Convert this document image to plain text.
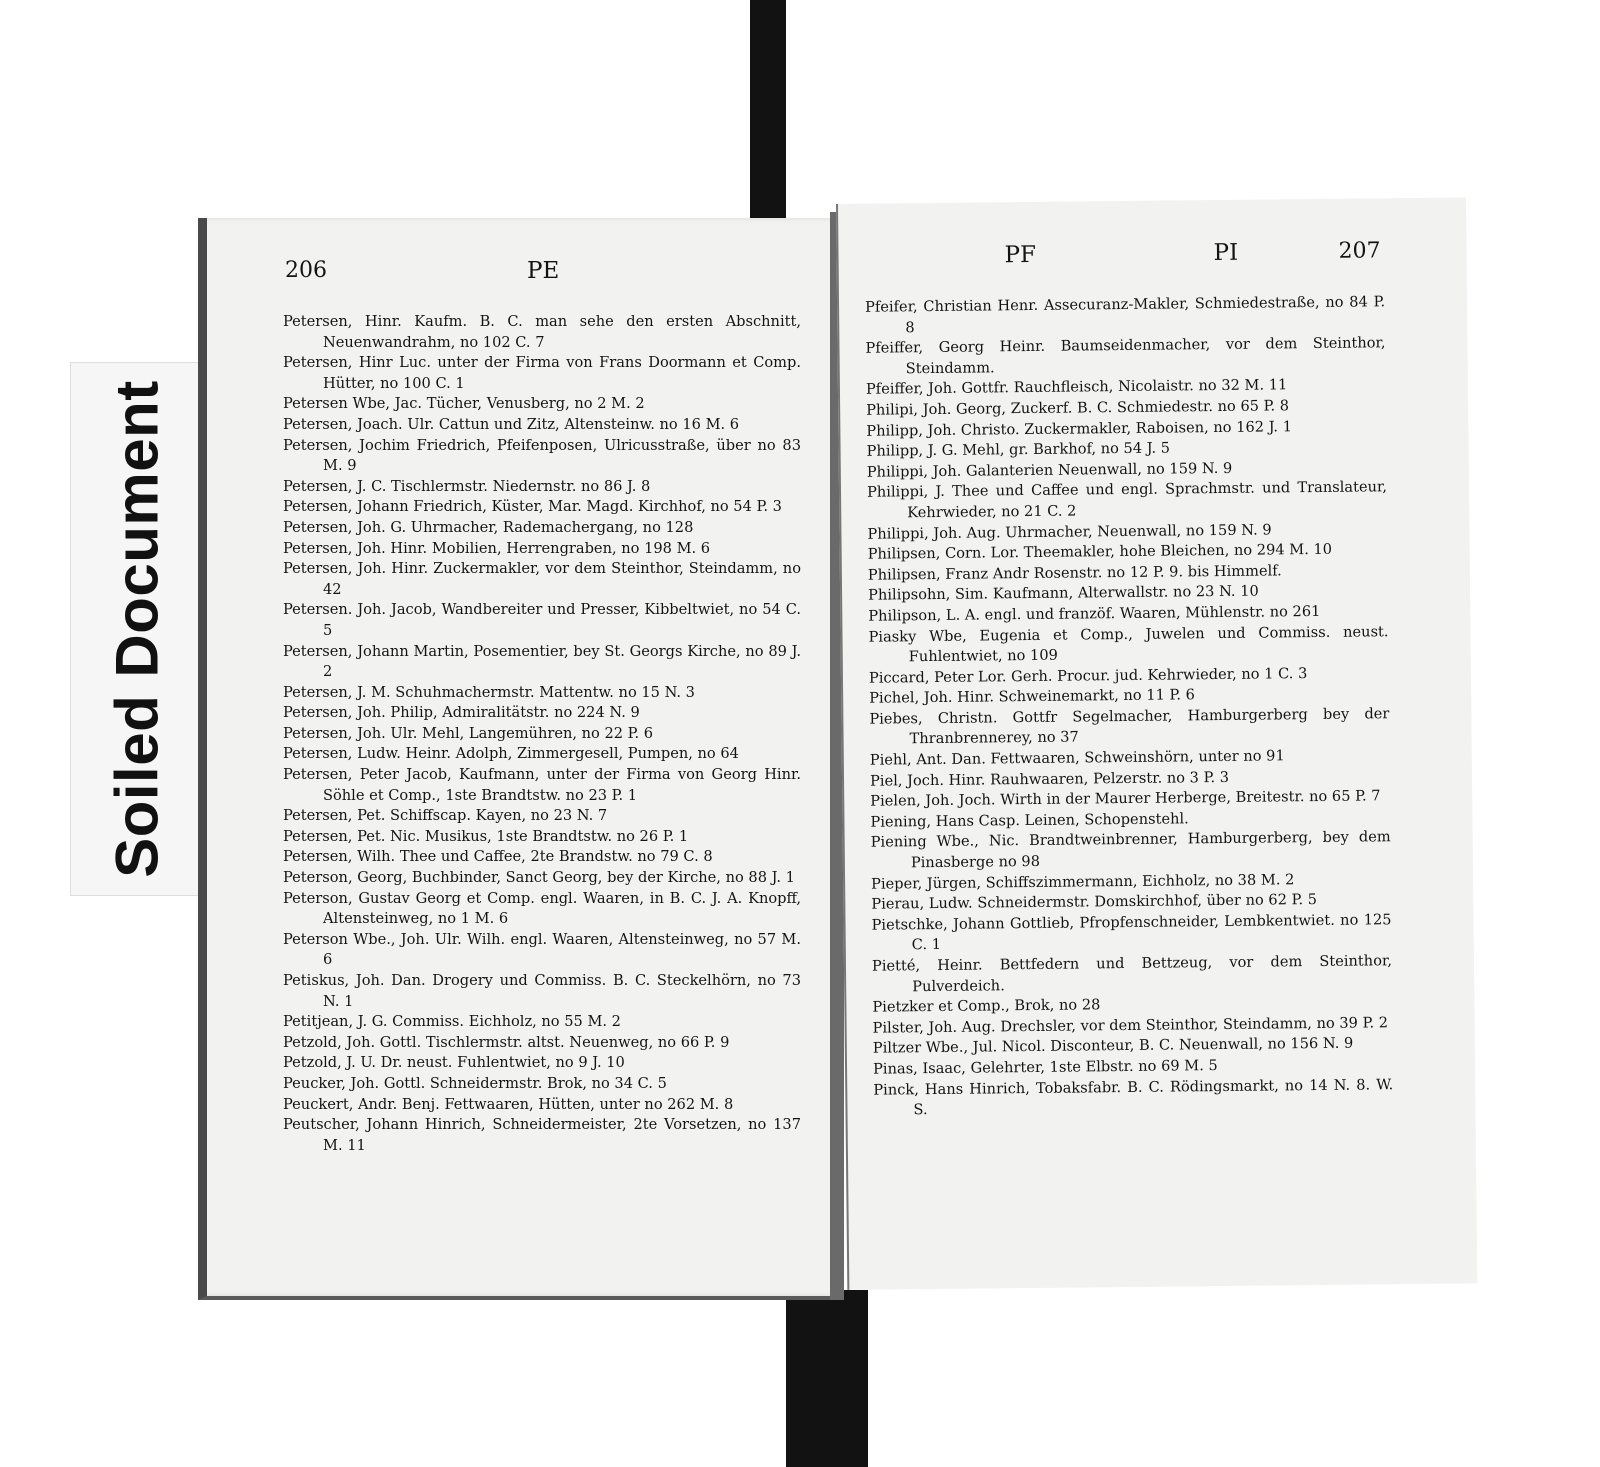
Soiled Document
206	PE
Petersen, Hinr. Kaufm. B. C. man sehe den ersten Abschnitt, Neuenwandrahm, no 102 C. 7
Petersen, Hinr Luc. unter der Firma von Frans Doormann et Comp. Hütter, no 100 C. 1
Petersen Wbe, Jac. Tücher, Venusberg, no 2 M. 2
Petersen, Joach. Ulr. Cattun und Zitz, Altensteinw. no 16 M. 6
Petersen, Jochim Friedrich, Pfeifenposen, Ulricusstraße, über no 83 M. 9
Petersen, J. C. Tischlermstr. Niedernstr. no 86 J. 8
Petersen, Johann Friedrich, Küster, Mar. Magd. Kirchhof, no 54 P. 3
Petersen, Joh. G. Uhrmacher, Rademachergang, no 128
Petersen, Joh. Hinr. Mobilien, Herrengraben, no 198 M. 6
Petersen, Joh. Hinr. Zuckermakler, vor dem Steinthor, Steindamm, no 42
Petersen. Joh. Jacob, Wandbereiter und Presser, Kibbeltwiet, no 54 C. 5
Petersen, Johann Martin, Posementier, bey St. Georgs Kirche, no 89 J. 2
Petersen, J. M. Schuhmachermstr. Mattentw. no 15 N. 3
Petersen, Joh. Philip, Admiralitätstr. no 224 N. 9
Petersen, Joh. Ulr. Mehl, Langemühren, no 22 P. 6
Petersen, Ludw. Heinr. Adolph, Zimmergesell, Pumpen, no 64
Petersen, Peter Jacob, Kaufmann, unter der Firma von Georg Hinr. Söhle et Comp., 1ste Brandtstw. no 23 P. 1
Petersen, Pet. Schiffscap. Kayen, no 23 N. 7
Petersen, Pet. Nic. Musikus, 1ste Brandtstw. no 26 P. 1
Petersen, Wilh. Thee und Caffee, 2te Brandstw. no 79 C. 8
Peterson, Georg, Buchbinder, Sanct Georg, bey der Kirche, no 88 J. 1
Peterson, Gustav Georg et Comp. engl. Waaren, in B. C. J. A. Knopff, Altensteinweg, no 1 M. 6
Peterson Wbe., Joh. Ulr. Wilh. engl. Waaren, Altensteinweg, no 57 M. 6
Petiskus, Joh. Dan. Drogery und Commiss. B. C. Steckelhörn, no 73 N. 1
Petitjean, J. G. Commiss. Eichholz, no 55 M. 2
Petzold, Joh. Gottl. Tischlermstr. altst. Neuenweg, no 66 P. 9
Petzold, J. U. Dr. neust. Fuhlentwiet, no 9 J. 10
Peucker, Joh. Gottl. Schneidermstr. Brok, no 34 C. 5
Peuckert, Andr. Benj. Fettwaaren, Hütten, unter no 262 M. 8
Peutscher, Johann Hinrich, Schneidermeister, 2te Vorsetzen, no 137 M. 11
PF	PI	207
Pfeifer, Christian Henr. Assecuranz-Makler, Schmiedestraße, no 84 P. 8
Pfeiffer, Georg Heinr. Baumseidenmacher, vor dem Steinthor, Steindamm.
Pfeiffer, Joh. Gottfr. Rauchfleisch, Nicolaistr. no 32 M. 11
Philipi, Joh. Georg, Zuckerf. B. C. Schmiedestr. no 65 P. 8
Philipp, Joh. Christo. Zuckermakler, Raboisen, no 162 J. 1
Philipp, J. G. Mehl, gr. Barkhof, no 54 J. 5
Philippi, Joh. Galanterien Neuenwall, no 159 N. 9
Philippi, J. Thee und Caffee und engl. Sprachmstr. und Translateur, Kehrwieder, no 21 C. 2
Philippi, Joh. Aug. Uhrmacher, Neuenwall, no 159 N. 9
Philipsen, Corn. Lor. Theemakler, hohe Bleichen, no 294 M. 10
Philipsen, Franz Andr Rosenstr. no 12 P. 9. bis Himmelf.
Philipsohn, Sim. Kaufmann, Alterwallstr. no 23 N. 10
Philipson, L. A. engl. und franzöf. Waaren, Mühlenstr. no 261
Piasky Wbe, Eugenia et Comp., Juwelen und Commiss. neust. Fuhlentwiet, no 109
Piccard, Peter Lor. Gerh. Procur. jud. Kehrwieder, no 1 C. 3
Pichel, Joh. Hinr. Schweinemarkt, no 11 P. 6
Piebes, Christn. Gottfr Segelmacher, Hamburgerberg bey der Thranbrennerey, no 37
Piehl, Ant. Dan. Fettwaaren, Schweinshörn, unter no 91
Piel, Joch. Hinr. Rauhwaaren, Pelzerstr. no 3 P. 3
Pielen, Joh. Joch. Wirth in der Maurer Herberge, Breitestr. no 65 P. 7
Piening, Hans Casp. Leinen, Schopenstehl.
Piening Wbe., Nic. Brandtweinbrenner, Hamburgerberg, bey dem Pinasberge no 98
Pieper, Jürgen, Schiffszimmermann, Eichholz, no 38 M. 2
Pierau, Ludw. Schneidermstr. Domskirchhof, über no 62 P. 5
Pietschke, Johann Gottlieb, Pfropfenschneider, Lembkentwiet. no 125 C. 1
Pietté, Heinr. Bettfedern und Bettzeug, vor dem Steinthor, Pulverdeich.
Pietzker et Comp., Brok, no 28
Pilster, Joh. Aug. Drechsler, vor dem Steinthor, Steindamm, no 39 P. 2
Piltzer Wbe., Jul. Nicol. Disconteur, B. C. Neuenwall, no 156 N. 9
Pinas, Isaac, Gelehrter, 1ste Elbstr. no 69 M. 5
Pinck, Hans Hinrich, Tobaksfabr. B. C. Rödingsmarkt, no 14 N. 8. W. S.
